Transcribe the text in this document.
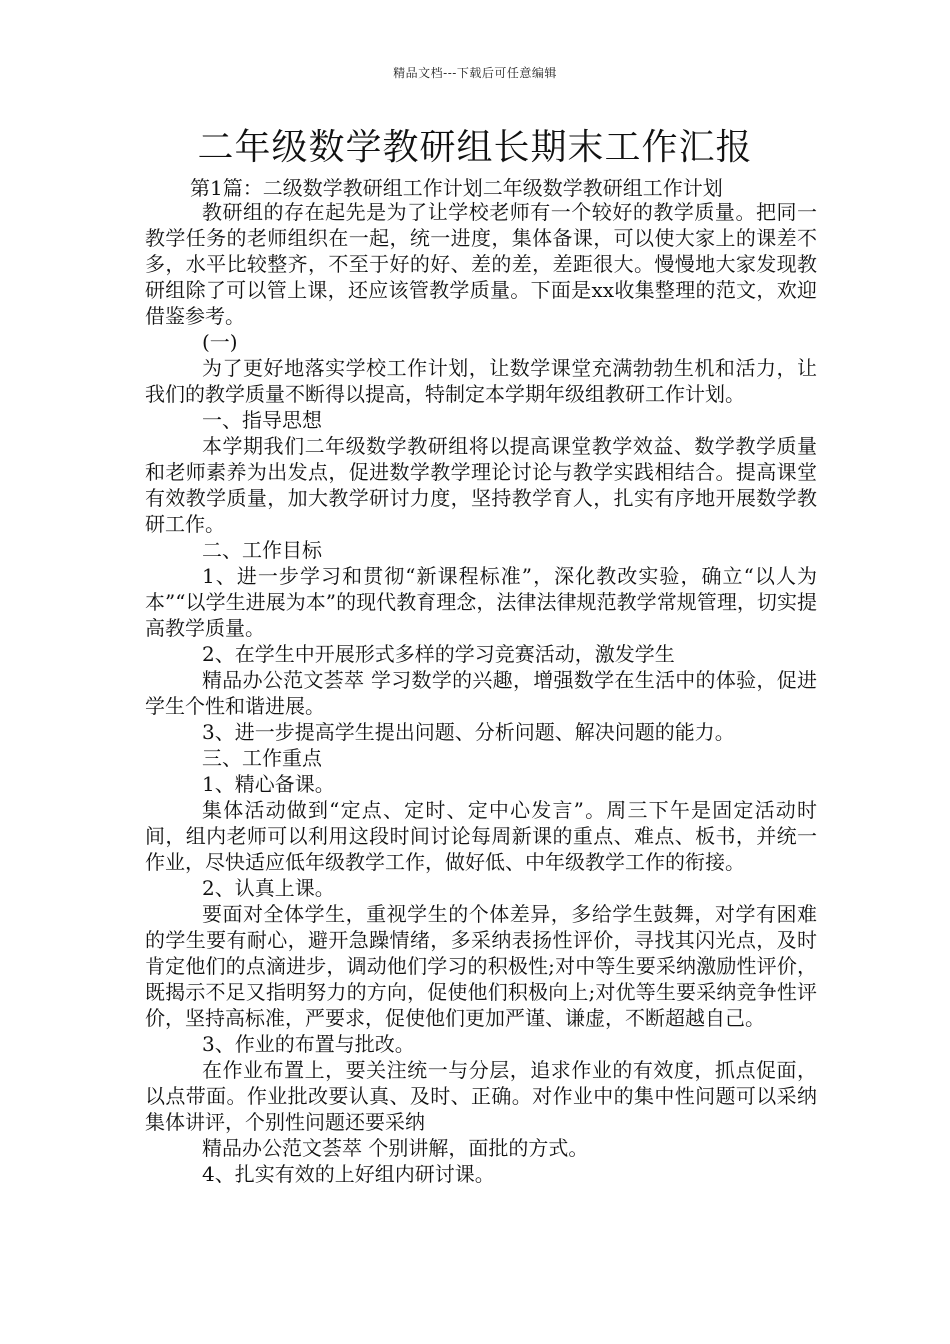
精品文档---下载后可任意编辑
二年级数学教研组长期末工作汇报
第1篇：二级数学教研组工作计划二年级数学教研组工作计划

教研组的存在起先是为了让学校老师有一个较好的教学质量。把同一教学任务的老师组织在一起，统一进度，集体备课，可以使大家上的课差不多，水平比较整齐，不至于好的好、差的差，差距很大。慢慢地大家发现教研组除了可以管上课，还应该管教学质量。下面是xx收集整理的范文，欢迎借鉴参考。

(一)

为了更好地落实学校工作计划，让数学课堂充满勃勃生机和活力，让我们的教学质量不断得以提高，特制定本学期年级组教研工作计划。

一、指导思想

本学期我们二年级数学教研组将以提高课堂教学效益、数学教学质量和老师素养为出发点，促进数学教学理论讨论与教学实践相结合。提高课堂有效教学质量，加大教学研讨力度，坚持教学育人，扎实有序地开展数学教研工作。

二、工作目标

1、进一步学习和贯彻“新课程标准”，深化教改实验，确立“以人为本”“以学生进展为本”的现代教育理念，法律法律规范教学常规管理，切实提高教学质量。

2、在学生中开展形式多样的学习竞赛活动，激发学生

精品办公范文荟萃 学习数学的兴趣，增强数学在生活中的体验，促进学生个性和谐进展。

3、进一步提高学生提出问题、分析问题、解决问题的能力。

三、工作重点

1、精心备课。

集体活动做到“定点、定时、定中心发言”。周三下午是固定活动时间，组内老师可以利用这段时间讨论每周新课的重点、难点、板书，并统一作业，尽快适应低年级教学工作，做好低、中年级教学工作的衔接。

2、认真上课。

要面对全体学生，重视学生的个体差异，多给学生鼓舞，对学有困难的学生要有耐心，避开急躁情绪，多采纳表扬性评价，寻找其闪光点，及时肯定他们的点滴进步，调动他们学习的积极性;对中等生要采纳激励性评价，既揭示不足又指明努力的方向，促使他们积极向上;对优等生要采纳竞争性评价，坚持高标准，严要求，促使他们更加严谨、谦虚，不断超越自己。

3、作业的布置与批改。

在作业布置上，要关注统一与分层，追求作业的有效度，抓点促面，以点带面。作业批改要认真、及时、正确。对作业中的集中性问题可以采纳集体讲评，个别性问题还要采纳

精品办公范文荟萃 个别讲解，面批的方式。

4、扎实有效的上好组内研讨课。
